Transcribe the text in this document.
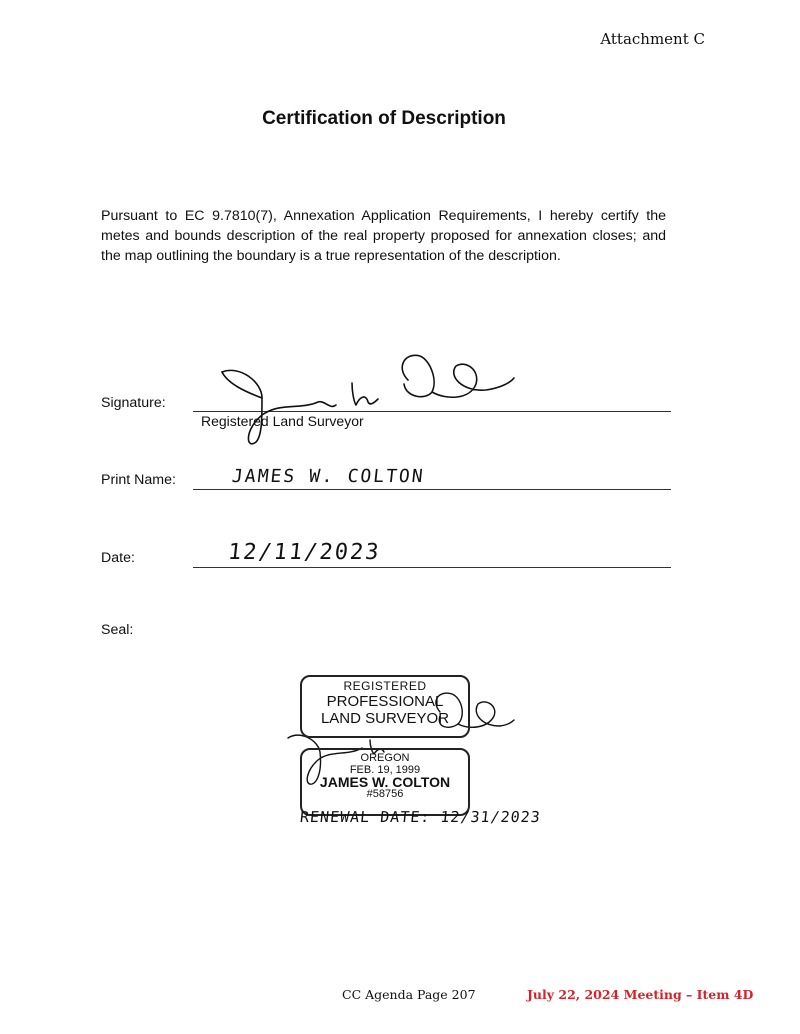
Attachment C
Certification of Description
Pursuant to EC 9.7810(7), Annexation Application Requirements, I hereby certify the metes and bounds description of the real property proposed for annexation closes; and the map outlining the boundary is a true representation of the description.
Signature:
Registered Land Surveyor
Print Name:	JAMES W. COLTON
Date:	12/11/2023
Seal:
REGISTERED
PROFESSIONAL
LAND SURVEYOR
OREGON
FEB. 19, 1999
JAMES W. COLTON
#58756
RENEWAL DATE: 12/31/2023
CC Agenda Page 207	July 22, 2024 Meeting – Item 4D
